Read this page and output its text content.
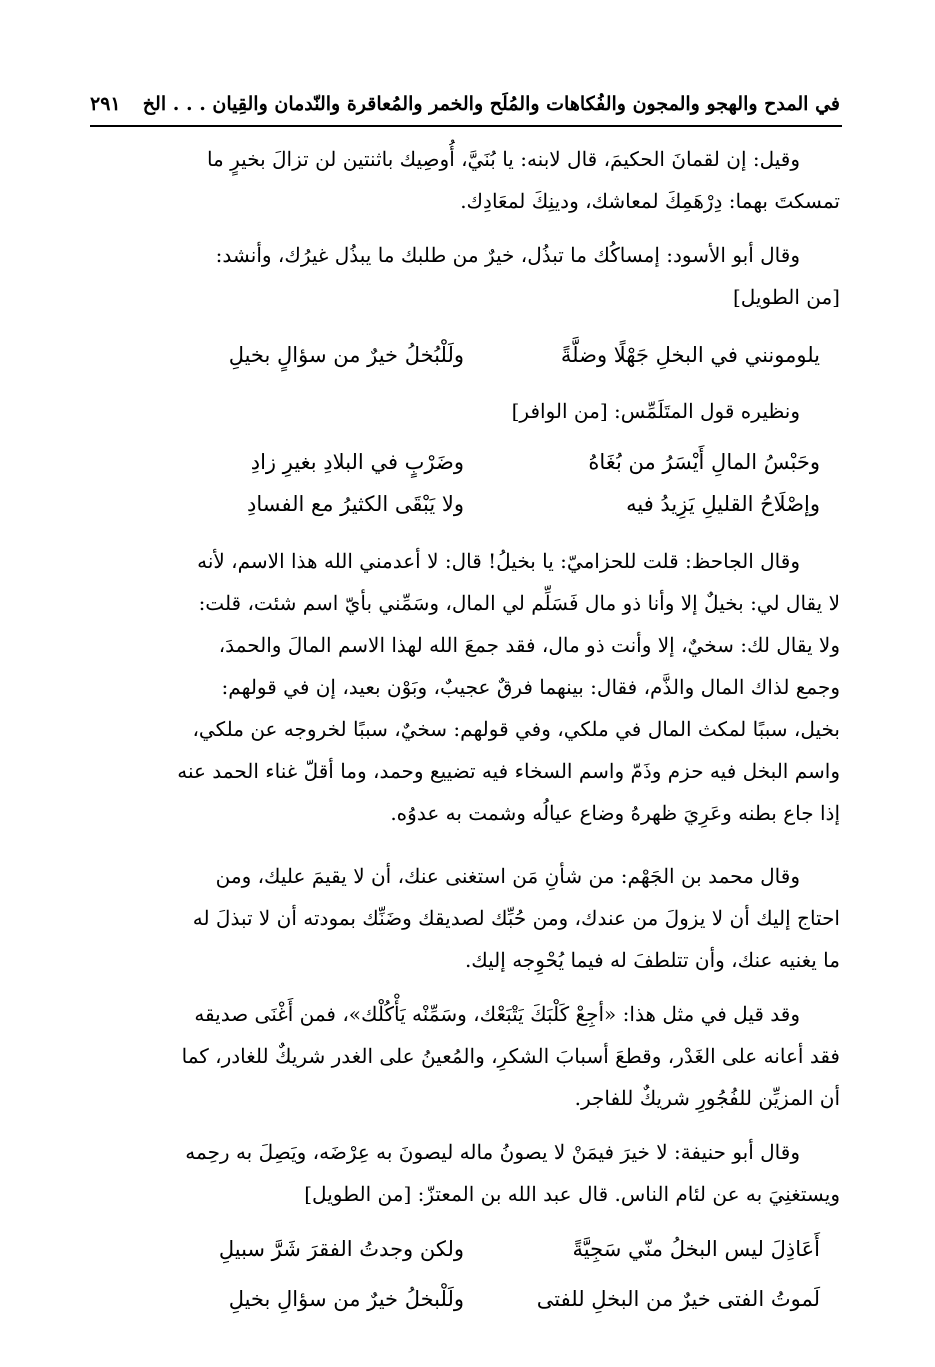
في المدح والهجو والمجون والفُكاهات والمُلَح والخمر والمُعاقرة والنّدمان والقِيان . . . الخ
٢٩١
وقيل: إن لقمانَ الحكيمَ، قال لابنه: يا بُنَيَّ، أُوصِيك باثنتين لن تزالَ بخيرٍ ما
تمسكتَ بهما: دِرْهَمِكَ لمعاشك، ودينِكَ لمعَادِك.
وقال أبو الأسود: إمساكُك ما تبذُل، خيرٌ من طلبك ما يبذُل غيرُك، وأنشد:
[من الطويل]
يلومونني في البخلِ جَهْلًا وضلَّةً
ولَلْبُخلُ خيرٌ من سؤالٍ بخيلِ
ونظيره قول المتَلَمِّس: [من الوافر]
وحَبْسُ المالِ أَيْسَرُ من بُغَاهُ
وضَرْبٍ في البلادِ بغيرِ زادِ
وإصْلَاحُ القليلِ يَزِيدُ فيه
ولا يَبْقَى الكثيرُ مع الفسادِ
وقال الجاحظ: قلت للحزاميّ: يا بخيلُ! قال: لا أعدمني الله هذا الاسم، لأنه
لا يقال لي: بخيلٌ إلا وأنا ذو مال فَسَلِّم لي المال، وسَمِّني بأيّ اسم شئت، قلت:
ولا يقال لك: سخيٌ، إلا وأنت ذو مال، فقد جمعَ الله لهذا الاسم المالَ والحمدَ،
وجمع لذاك المال والذَّم، فقال: بينهما فرقٌ عجيبٌ، وبَوْن بعيد، إن في قولهم:
بخيل، سببًا لمكث المال في ملكي، وفي قولهم: سخيٌ، سببًا لخروجه عن ملكي،
واسم البخل فيه حزم وذَمّ واسم السخاء فيه تضييع وحمد، وما أقلّ غناء الحمد عنه
إذا جاع بطنه وعَرِيَ ظهرهُ وضاع عيالُه وشمت به عدوُه.
وقال محمد بن الجَهْم: من شأنِ مَن استغنى عنك، أن لا يقيمَ عليك، ومن
احتاج إليك أن لا يزولَ من عندك، ومن حُبِّك لصديقك وضَنِّك بمودته أن لا تبذلَ له
ما يغنيه عنك، وأن تتلطفَ له فيما يُحْوِجه إليك.
وقد قيل في مثل هذا: «أجِعْ كَلْبَكَ يَتْبَعْك، وسَمِّنْه يَأْكُلْك»، فمن أَغْنَى صديقه
فقد أعانه على الغَدْر، وقطعَ أسبابَ الشكرِ، والمُعينُ على الغدر شريكٌ للغادر، كما
أن المزيِّن للفُجُورِ شريكٌ للفاجر.
وقال أبو حنيفة: لا خيرَ فيمَنْ لا يصونُ ماله ليصونَ به عِرْضَه، ويَصِلَ به رحِمه
ويستغنِيَ به عن لئام الناس. قال عبد الله بن المعتزّ: [من الطويل]
أَعَاذِلَ ليس البخلُ منّي سَجِيَّةً
ولكن وجدتُ الفقرَ شَرَّ سبيلِ
لَموتُ الفتى خيرٌ من البخلِ للفتى
ولَلْبخلُ خيرٌ من سؤالِ بخيلِ
